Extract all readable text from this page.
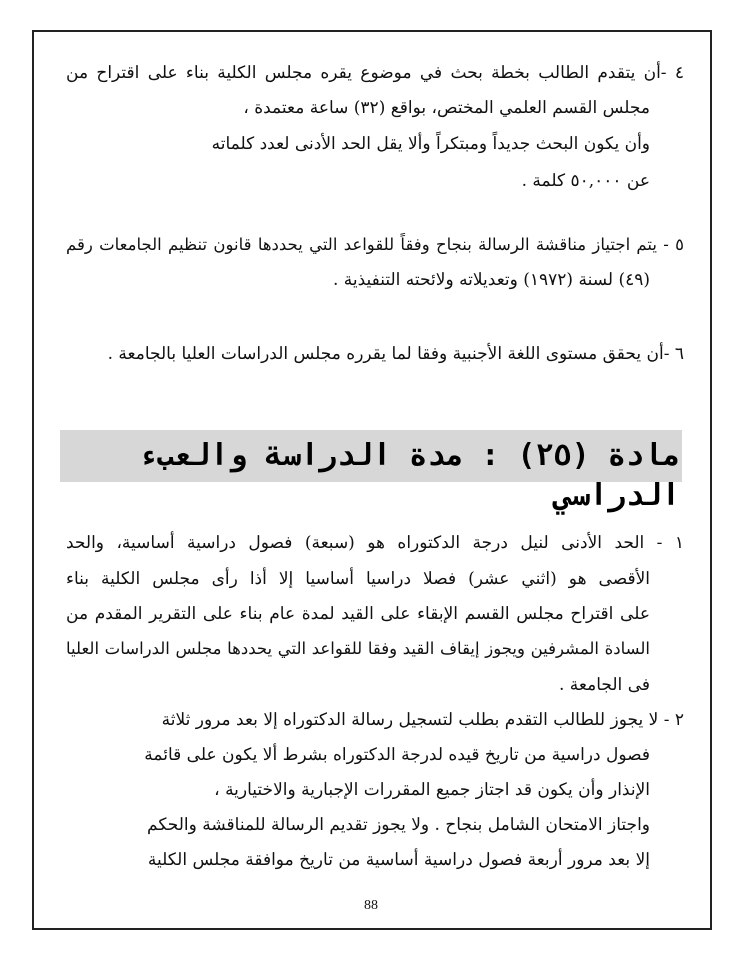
٤ -أن يتقدم الطالب بخطة بحث في موضوع يقره مجلس الكلية بناء على اقتراح من
مجلس القسم العلمي المختص، بواقع (٣٢) ساعة معتمدة ،
وأن يكون البحث جديداً ومبتكراً وألا يقل الحد الأدنى لعدد كلماته
عن ٥٠,٠٠٠ كلمة .
٥ - يتم اجتياز مناقشة الرسالة بنجاح وفقاً للقواعد التي يحددها قانون تنظيم الجامعات رقم
(٤٩) لسنة (١٩٧٢) وتعديلاته ولائحته التنفيذية .
٦ -أن يحقق مستوى اللغة الأجنبية وفقا لما يقرره مجلس الدراسات العليا بالجامعة .
مادة (٢٥) : مدة الدراسة والعبء
الدراسي
١ - الحد الأدنى لنيل درجة الدكتوراه هو (سبعة) فصول دراسية أساسية، والحد
الأقصى هو (اثني عشر) فصلا دراسيا أساسيا إلا أذا رأى مجلس الكلية بناء
على اقتراح مجلس القسم الإبقاء على القيد لمدة عام بناء على التقرير المقدم من
السادة المشرفين ويجوز إيقاف القيد وفقا للقواعد التي يحددها مجلس الدراسات العليا
فى الجامعة .
٢ - لا يجوز للطالب التقدم بطلب لتسجيل رسالة الدكتوراه إلا بعد مرور ثلاثة
فصول دراسية من تاريخ قيده لدرجة الدكتوراه بشرط ألا يكون على قائمة
الإنذار وأن يكون قد اجتاز جميع المقررات الإجبارية والاختيارية ،
واجتاز الامتحان الشامل بنجاح . ولا يجوز تقديم الرسالة للمناقشة والحكم
إلا بعد مرور أربعة فصول دراسية أساسية من تاريخ موافقة مجلس الكلية
88
